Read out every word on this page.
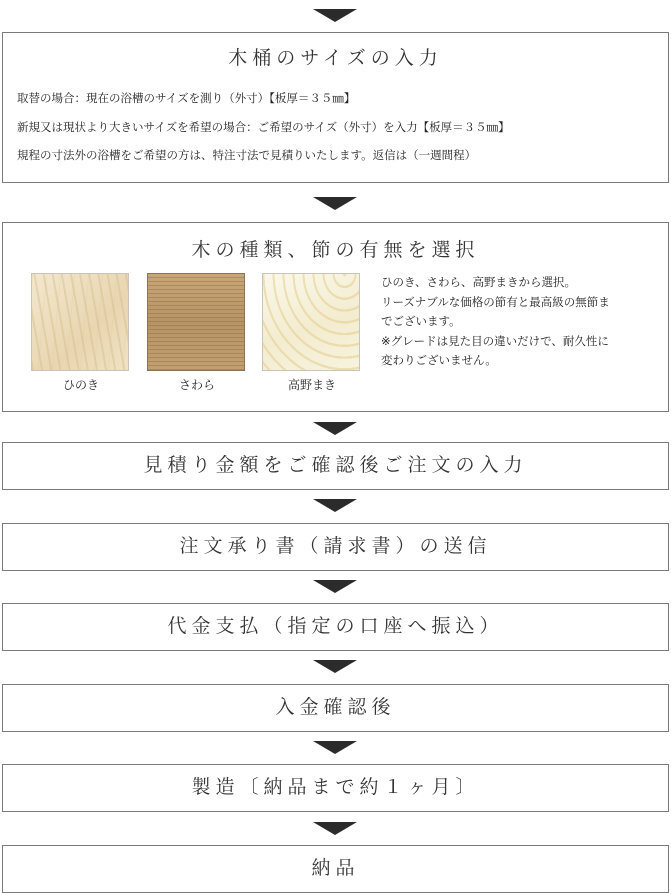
木桶のサイズの入力

取替の場合：現在の浴槽のサイズを測り（外寸）【板厚＝３５㎜】

新規又は現状より大きいサイズを希望の場合：ご希望のサイズ（外寸）を入力【板厚＝３５㎜】

規程の寸法外の浴槽をご希望の方は、特注寸法で見積りいたします。返信は（一週間程）

木の種類、節の有無を選択
ひのき	さわら	高野まき
ひのき、さわら、高野まきから選択。
リーズナブルな価格の節有と最高級の無節ま
でございます。
※グレードは見た目の違いだけで、耐久性に
変わりございません。
見積り金額をご確認後ご注文の入力
注文承り書（請求書）の送信
代金支払（指定の口座へ振込）
入金確認後
製造〔納品まで約１ヶ月〕
納品
